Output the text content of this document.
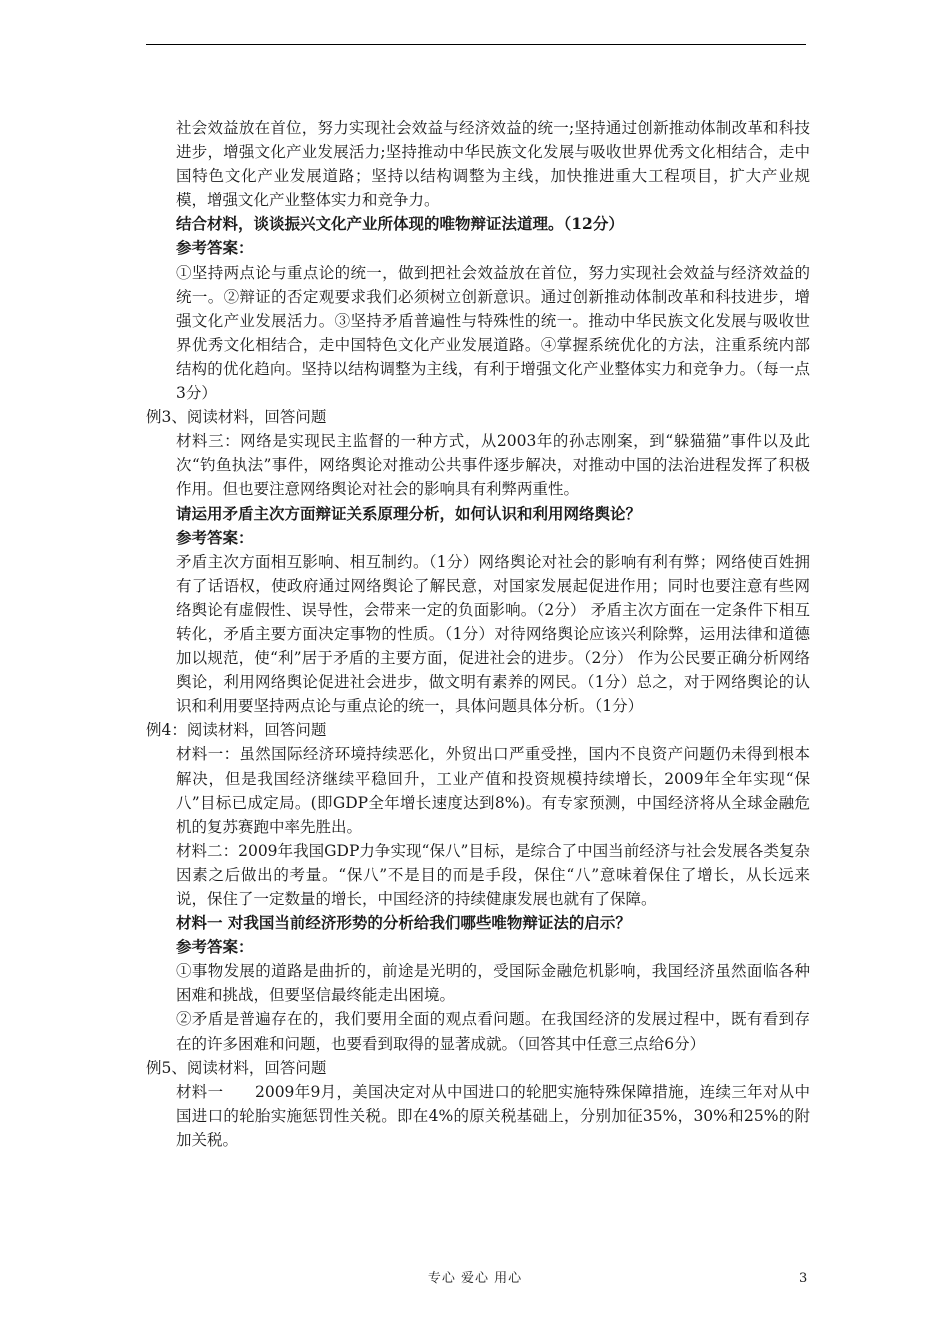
社会效益放在首位，努力实现社会效益与经济效益的统一;坚持通过创新推动体制改革和科技进步，增强文化产业发展活力;坚持推动中华民族文化发展与吸收世界优秀文化相结合，走中国特色文化产业发展道路；坚持以结构调整为主线，加快推进重大工程项目，扩大产业规模，增强文化产业整体实力和竞争力。

结合材料，谈谈振兴文化产业所体现的唯物辩证法道理。（12分）

参考答案：

①坚持两点论与重点论的统一，做到把社会效益放在首位，努力实现社会效益与经济效益的统一。②辩证的否定观要求我们必须树立创新意识。通过创新推动体制改革和科技进步，增强文化产业发展活力。③坚持矛盾普遍性与特殊性的统一。推动中华民族文化发展与吸收世界优秀文化相结合，走中国特色文化产业发展道路。④掌握系统优化的方法，注重系统内部结构的优化趋向。坚持以结构调整为主线，有利于增强文化产业整体实力和竞争力。（每一点3分）

例3、阅读材料，回答问题

材料三：网络是实现民主监督的一种方式，从2003年的孙志刚案，到“躲猫猫”事件以及此次“钓鱼执法”事件，网络舆论对推动公共事件逐步解决，对推动中国的法治进程发挥了积极作用。但也要注意网络舆论对社会的影响具有利弊两重性。

请运用矛盾主次方面辩证关系原理分析，如何认识和利用网络舆论？

参考答案：

矛盾主次方面相互影响、相互制约。（1分）网络舆论对社会的影响有利有弊；网络使百姓拥有了话语权，使政府通过网络舆论了解民意，对国家发展起促进作用；同时也要注意有些网络舆论有虚假性、误导性，会带来一定的负面影响。（2分） 矛盾主次方面在一定条件下相互转化，矛盾主要方面决定事物的性质。（1分）对待网络舆论应该兴利除弊，运用法律和道德加以规范，使“利”居于矛盾的主要方面，促进社会的进步。（2分） 作为公民要正确分析网络舆论，利用网络舆论促进社会进步，做文明有素养的网民。（1分）总之，对于网络舆论的认识和利用要坚持两点论与重点论的统一，具体问题具体分析。（1分）

例4：阅读材料，回答问题

材料一：虽然国际经济环境持续恶化，外贸出口严重受挫，国内不良资产问题仍未得到根本解决，但是我国经济继续平稳回升，工业产值和投资规模持续增长，2009年全年实现“保八”目标已成定局。(即GDP全年增长速度达到8%)。有专家预测，中国经济将从全球金融危机的复苏赛跑中率先胜出。

材料二：2009年我国GDP力争实现“保八”目标，是综合了中国当前经济与社会发展各类复杂因素之后做出的考量。“保八”不是目的而是手段，保住“八”意味着保住了增长，从长远来说，保住了一定数量的增长，中国经济的持续健康发展也就有了保障。

材料一 对我国当前经济形势的分析给我们哪些唯物辩证法的启示？

参考答案：

①事物发展的道路是曲折的，前途是光明的，受国际金融危机影响，我国经济虽然面临各种困难和挑战，但要坚信最终能走出困境。

②矛盾是普遍存在的，我们要用全面的观点看问题。在我国经济的发展过程中，既有看到存在的许多困难和问题，也要看到取得的显著成就。（回答其中任意三点给6分）

例5、阅读材料，回答问题

材料一　　2009年9月，美国决定对从中国进口的轮肥实施特殊保障措施，连续三年对从中国进口的轮胎实施惩罚性关税。即在4%的原关税基础上，分别加征35%，30%和25%的附加关税。

专心 爱心 用心	3
